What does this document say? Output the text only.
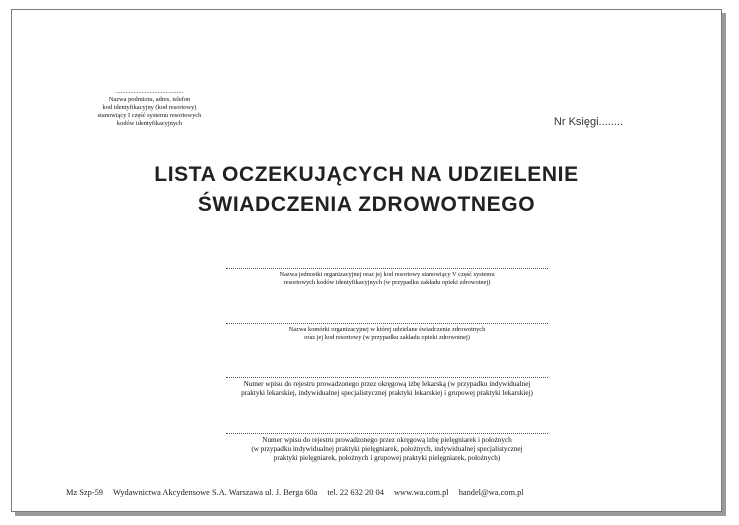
..........................................
Nazwa podmiotu, adres, telefon
kod identyfikacyjny (kod resortowy)
stanowiący I część systemu resortowych
kodów identyfikacyjnych	Nr Księgi........
LISTA OCZEKUJĄCYCH NA UDZIELENIE
ŚWIADCZENIA ZDROWOTNEGO
Nazwa jednostki organizacyjnej oraz jej kod resortowy stanowiący V część systemu
resortowych kodów identyfikacyjnych (w przypadku zakładu opieki zdrowotnej)
Nazwa komórki organizacyjnej w której udzielane świadczenie zdrowotnych
oraz jej kod resortowy (w przypadku zakładu opieki zdrowotnej)
Numer wpisu do rejestru prowadzonego przez okręgową izbę lekarską (w przypadku indywidualnej
praktyki lekarskiej, indywidualnej specjalistycznej praktyki lekarskiej i grupowej praktyki lekarskiej)
Numer wpisu do rejestru prowadzonego przez okręgową izbę pielęgniarek i położnych
(w przypadku indywidualnej praktyki pielęgniarek, położnych, indywidualnej specjalistycznej
praktyki pielęgniarek, położnych i grupowej praktyki pielęgniarek, położnych)
Mz Szp-59 Wydawnictwa Akcydensowe S.A. Warszawa ul. J. Berga 60a tel. 22 632 20 04 www.wa.com.pl handel@wa.com.pl
